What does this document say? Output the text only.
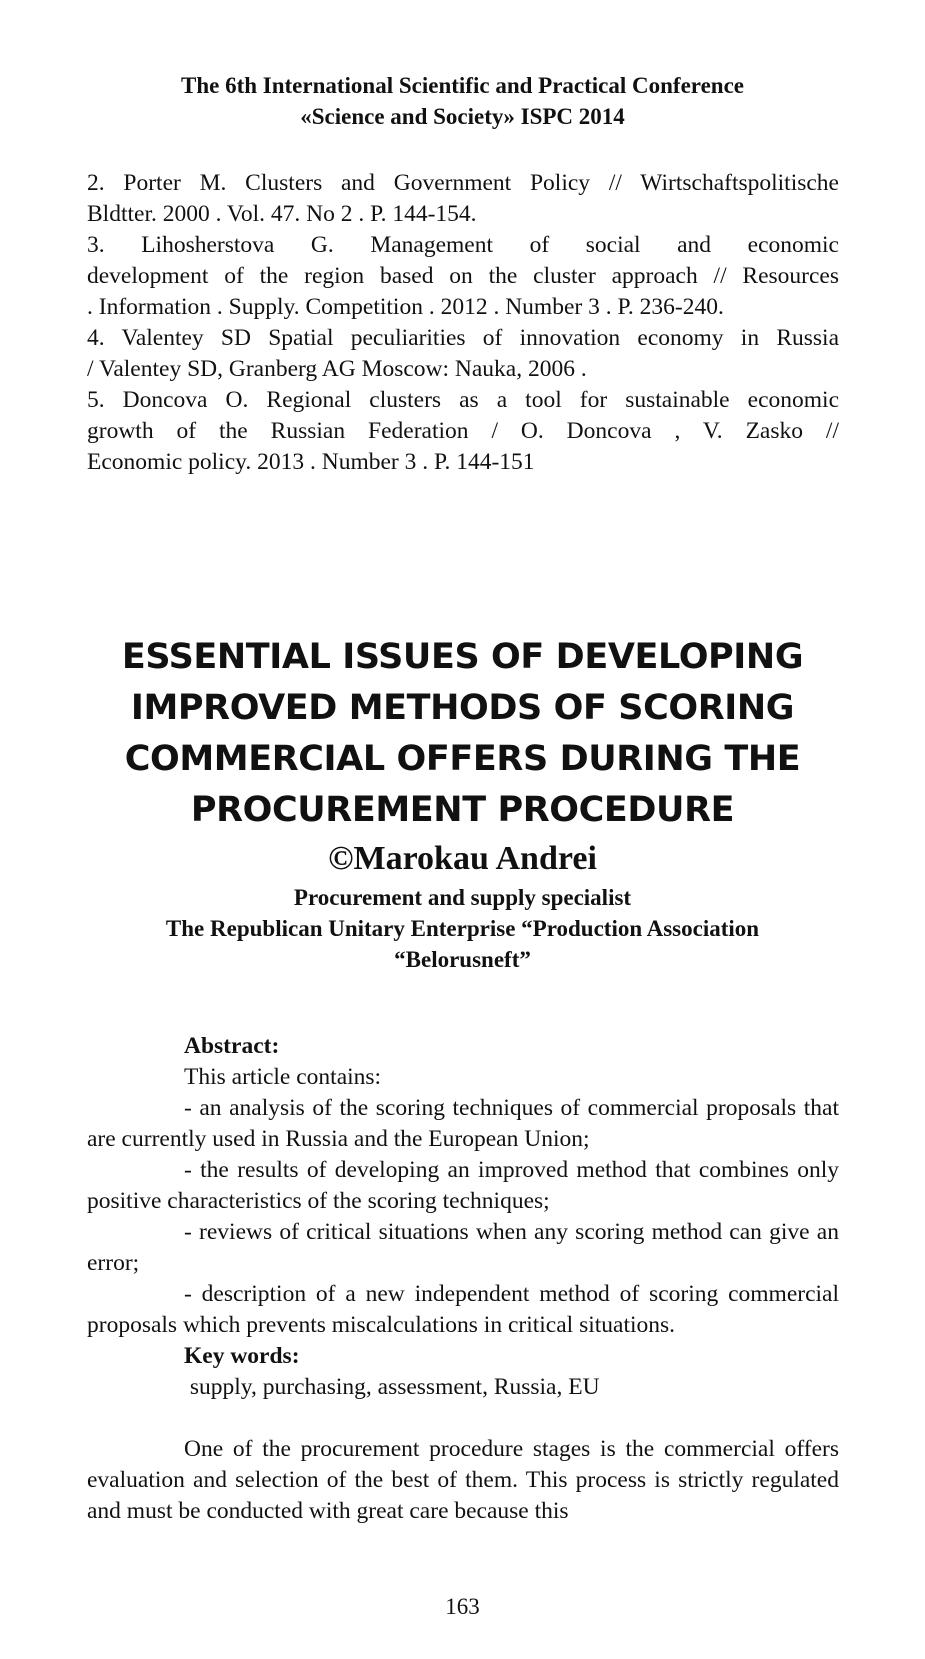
The 6th International Scientific and Practical Conference
«Science and Society» ISPC 2014

2. Porter M. Clusters and Government Policy // Wirtschaftspolitische
Bldtter. 2000 . Vol. 47. No 2 . P. 144-154.

3. Lihosherstova G. Management of social and economic
development of the region based on the cluster approach // Resources
. Information . Supply. Competition . 2012 . Number 3 . P. 236-240.

4. Valentey SD Spatial peculiarities of innovation economy in Russia
/ Valentey SD, Granberg AG Moscow: Nauka, 2006 .

5. Doncova O. Regional clusters as a tool for sustainable economic
growth of the Russian Federation / O. Doncova , V. Zasko //
Economic policy. 2013 . Number 3 . P. 144-151

ESSENTIAL ISSUES OF DEVELOPING
IMPROVED METHODS OF SCORING
COMMERCIAL OFFERS DURING THE
PROCUREMENT PROCEDURE
©Marokau Andrei
Procurement and supply specialist
The Republican Unitary Enterprise “Production Association
“Belorusneft”

Abstract:

This article contains:

- an analysis of the scoring techniques of commercial proposals that are currently used in Russia and the European Union;

- the results of developing an improved method that combines only positive characteristics of the scoring techniques;

- reviews of critical situations when any scoring method can give an error;

- description of a new independent method of scoring commercial proposals which prevents miscalculations in critical situations.

Key words:

supply, purchasing, assessment, Russia, EU

One of the procurement procedure stages is the commercial offers evaluation and selection of the best of them. This process is strictly regulated and must be conducted with great care because this

163
